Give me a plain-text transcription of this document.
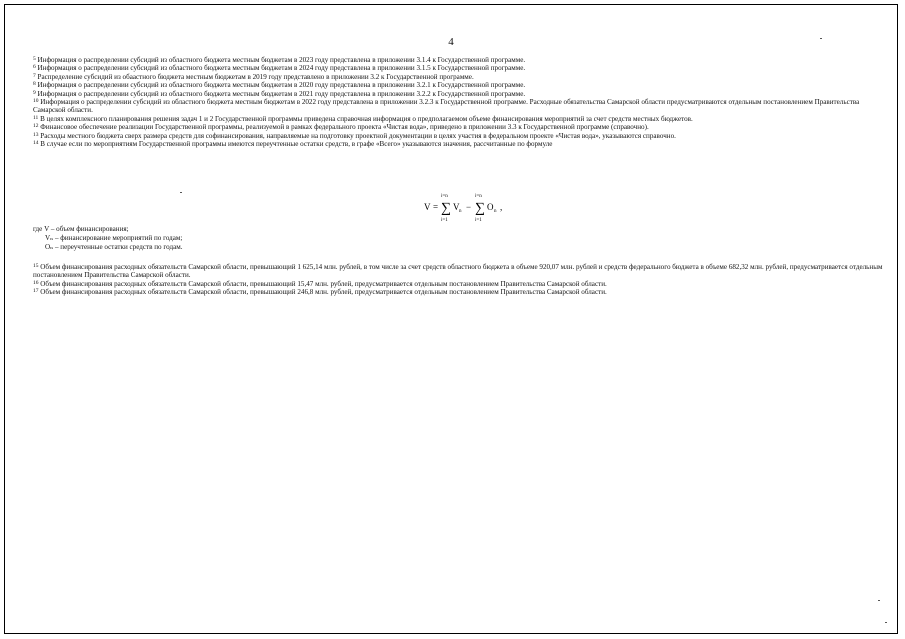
4
$^5$ Информация о распределении субсидий из областного бюджета местным бюджетам в 2023 году представлена в приложении 3.1.4 к Государственной программе.
$^6$ Информация о распределении субсидий из областного бюджета местным бюджетам в 2024 году представлена в приложении 3.1.5 к Государственной программе.
$^7$ Распределение субсидий из обаастного бюджета местным бюджетам в 2019 году представлено в приложении 3.2 к Государственной программе.
$^8$ Информация о распределении субсидий из областного бюджета местным бюджетам в 2020 году представлена в приложении 3.2.1 к Государственной программе.
$^9$ Информация о распределении субсидий из областного бюджета местным бюджетам в 2021 году представлена в приложении 3.2.2 к Государственной программе.
$^{10}$ Информация о распределении субсидий из областного бюджета местным бюджетам в 2022 году представлена в приложении 3.2.3 к Государственной программе. Расходные обязательства Самарской области предусматриваются отдельным постановлением Правительства Самарской области.
$^{11}$ В целях комплексного планирования решения задач 1 и 2 Государственной программы приведена справочная информация о предполагаемом объеме финансирования мероприятий за счет средств местных бюджетов.
$^{12}$ Финансовое обеспечение реализации Государственной программы, реализуемой в рамках федерального проекта «Чистая вода», приведено в приложении 3.3 к Государственной программе (справочно).
$^{13}$ Расходы местного бюджета сверх размера средств для софинансирования, направляемые на подготовку проектной документации в целях участия в федеральном проекте «Чистая вода», указываются справочно.
$^{14}$ В случае если по мероприятиям Государственной программы имеются переучтенные остатки средств, в графе «Всего» указываются значения, рассчитанные по формуле
V =
i=n
∑
i=1
V n −
i=n
∑
i=1
O n ,
где V – объем финансирования;
Vₙ – финансирование мероприятий по годам;
Oₙ – переучтенные остатки средств по годам.
$^{15}$ Объем финансирования расходных обязательств Самарской области, превышающий 1 625,14 млн. рублей, в том числе за счет средств областного бюджета в объеме 920,07 млн. рублей и средств федерального бюджета в объеме 682,32 млн. рублей, предусматривается отдельным постановлением Правительства Самарской области.
$^{16}$ Объем финансирования расходных обязательств Самарской области, превышающий 15,47 млн. рублей, предусматривается отдельным постановлением Правительства Самарской области.
$^{17}$ Объем финансирования расходных обязательств Самарской области, превышающий 246,8 млн. рублей, предусматривается отдельным постановлением Правительства Самарской области.
